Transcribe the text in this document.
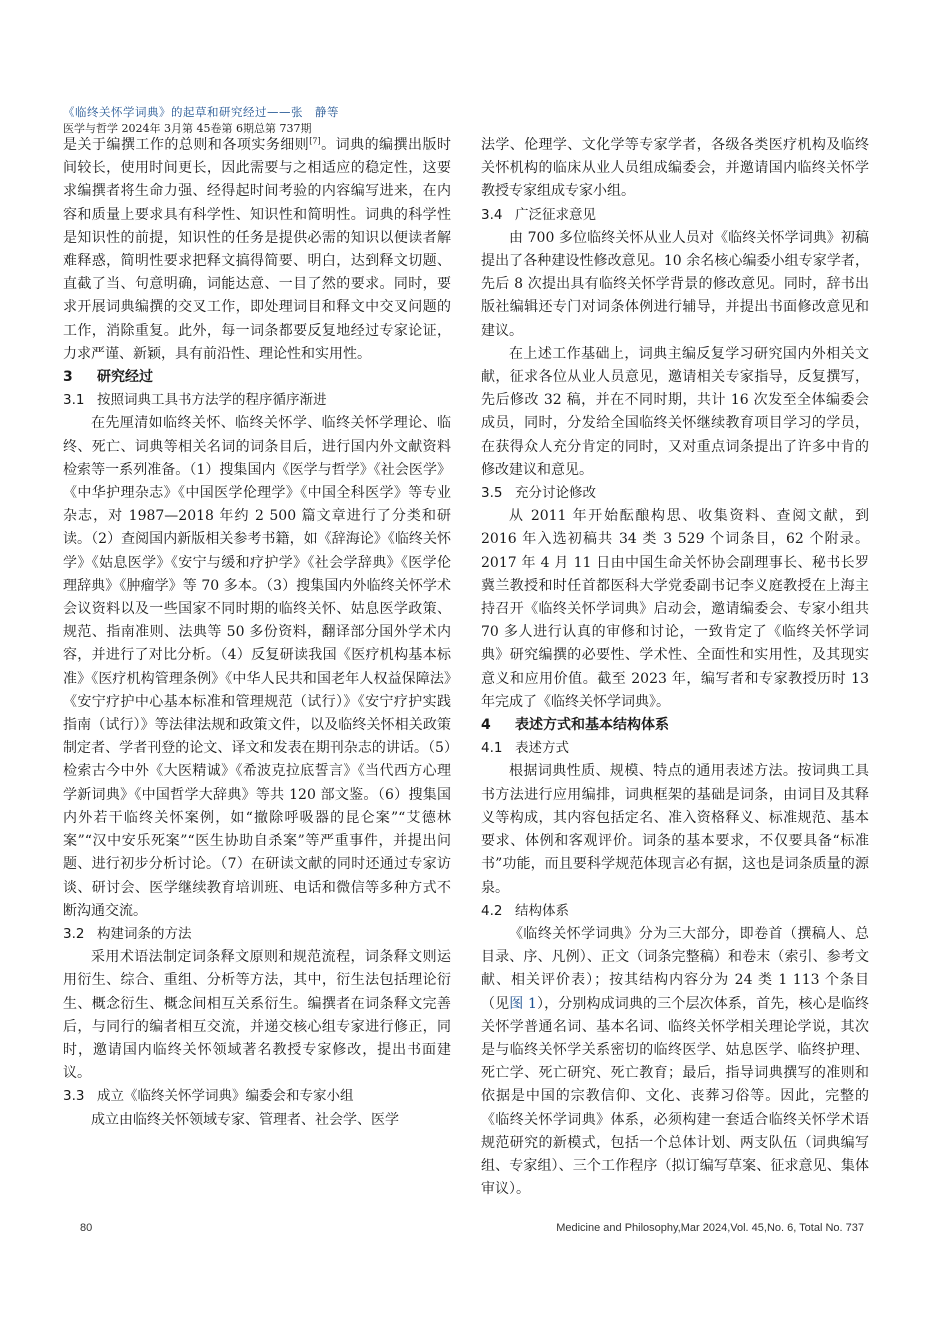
《临终关怀学词典》的起草和研究经过——张　静等
医学与哲学 2024年 3月第 45卷第 6期总第 737期

是关于编撰工作的总则和各项实务细则[7]。词典的编撰出版时间较长，使用时间更长，因此需要与之相适应的稳定性，这要求编撰者将生命力强、经得起时间考验的内容编写进来，在内容和质量上要求具有科学性、知识性和简明性。词典的科学性是知识性的前提，知识性的任务是提供必需的知识以便读者解难释惑，简明性要求把释文搞得简要、明白，达到释文切题、直截了当、句意明确，词能达意、一目了然的要求。同时，要求开展词典编撰的交叉工作，即处理词目和释文中交叉问题的工作，消除重复。此外，每一词条都要反复地经过专家论证，力求严谨、新颖，具有前沿性、理论性和实用性。

3 研究经过
3.1 按照词典工具书方法学的程序循序渐进

在先厘清如临终关怀、临终关怀学、临终关怀学理论、临终、死亡、词典等相关名词的词条目后，进行国内外文献资料检索等一系列准备。（1）搜集国内《医学与哲学》《社会医学》《中华护理杂志》《中国医学伦理学》《中国全科医学》等专业杂志，对 1987—2018 年约 2 500 篇文章进行了分类和研读。（2）查阅国内新版相关参考书籍，如《辞海论》《临终关怀学》《姑息医学》《安宁与缓和疗护学》《社会学辞典》《医学伦理辞典》《肿瘤学》等 70 多本。（3）搜集国内外临终关怀学术会议资料以及一些国家不同时期的临终关怀、姑息医学政策、规范、指南准则、法典等 50 多份资料，翻译部分国外学术内容，并进行了对比分析。（4）反复研读我国《医疗机构基本标准》《医疗机构管理条例》《中华人民共和国老年人权益保障法》《安宁疗护中心基本标准和管理规范（试行）》《安宁疗护实践指南（试行）》等法律法规和政策文件，以及临终关怀相关政策制定者、学者刊登的论文、译文和发表在期刊杂志的讲话。（5）检索古今中外《大医精诚》《希波克拉底誓言》《当代西方心理学新词典》《中国哲学大辞典》等共 120 部文鉴。（6）搜集国内外若干临终关怀案例，如“撤除呼吸器的昆仑案”“艾德林案”“汉中安乐死案”“医生协助自杀案”等严重事件，并提出问题、进行初步分析讨论。（7）在研读文献的同时还通过专家访谈、研讨会、医学继续教育培训班、电话和微信等多种方式不断沟通交流。

3.2 构建词条的方法

采用术语法制定词条释文原则和规范流程，词条释文则运用衍生、综合、重组、分析等方法，其中，衍生法包括理论衍生、概念衍生、概念间相互关系衍生。编撰者在词条释文完善后，与同行的编者相互交流，并递交核心组专家进行修正，同时，邀请国内临终关怀领域著名教授专家修改，提出书面建议。

3.3 成立《临终关怀学词典》编委会和专家小组

成立由临终关怀领域专家、管理者、社会学、医学

法学、伦理学、文化学等专家学者，各级各类医疗机构及临终关怀机构的临床从业人员组成编委会，并邀请国内临终关怀学教授专家组成专家小组。

3.4 广泛征求意见

由 700 多位临终关怀从业人员对《临终关怀学词典》初稿提出了各种建设性修改意见。10 余名核心编委小组专家学者，先后 8 次提出具有临终关怀学背景的修改意见。同时，辞书出版社编辑还专门对词条体例进行辅导，并提出书面修改意见和建议。

在上述工作基础上，词典主编反复学习研究国内外相关文献，征求各位从业人员意见，邀请相关专家指导，反复撰写，先后修改 32 稿，并在不同时期，共计 16 次发至全体编委会成员，同时，分发给全国临终关怀继续教育项目学习的学员，在获得众人充分肯定的同时，又对重点词条提出了许多中肯的修改建议和意见。

3.5 充分讨论修改

从 2011 年开始酝酿构思、收集资料、查阅文献，到 2016 年入选初稿共 34 类 3 529 个词条目，62 个附录。2017 年 4 月 11 日由中国生命关怀协会副理事长、秘书长罗冀兰教授和时任首都医科大学党委副书记李义庭教授在上海主持召开《临终关怀学词典》启动会，邀请编委会、专家小组共 70 多人进行认真的审修和讨论，一致肯定了《临终关怀学词典》研究编撰的必要性、学术性、全面性和实用性，及其现实意义和应用价值。截至 2023 年，编写者和专家教授历时 13 年完成了《临终关怀学词典》。

4 表述方式和基本结构体系
4.1 表述方式

根据词典性质、规模、特点的通用表述方法。按词典工具书方法进行应用编排，词典框架的基础是词条，由词目及其释义等构成，其内容包括定名、准入资格释义、标准规范、基本要求、体例和客观评价。词条的基本要求，不仅要具备“标准书”功能，而且要科学规范体现言必有据，这也是词条质量的源泉。

4.2 结构体系

《临终关怀学词典》分为三大部分，即卷首（撰稿人、总目录、序、凡例）、正文（词条完整稿）和卷末（索引、参考文献、相关评价表）；按其结构内容分为 24 类 1 113 个条目（见图 1），分别构成词典的三个层次体系，首先，核心是临终关怀学普通名词、基本名词、临终关怀学相关理论学说，其次是与临终关怀学关系密切的临终医学、姑息医学、临终护理、死亡学、死亡研究、死亡教育；最后，指导词典撰写的准则和依据是中国的宗教信仰、文化、丧葬习俗等。因此，完整的《临终关怀学词典》体系，必须构建一套适合临终关怀学术语规范研究的新模式，包括一个总体计划、两支队伍（词典编写组、专家组）、三个工作程序（拟订编写草案、征求意见、集体审议）。

80	Medicine and Philosophy,Mar 2024,Vol. 45,No. 6, Total No. 737
